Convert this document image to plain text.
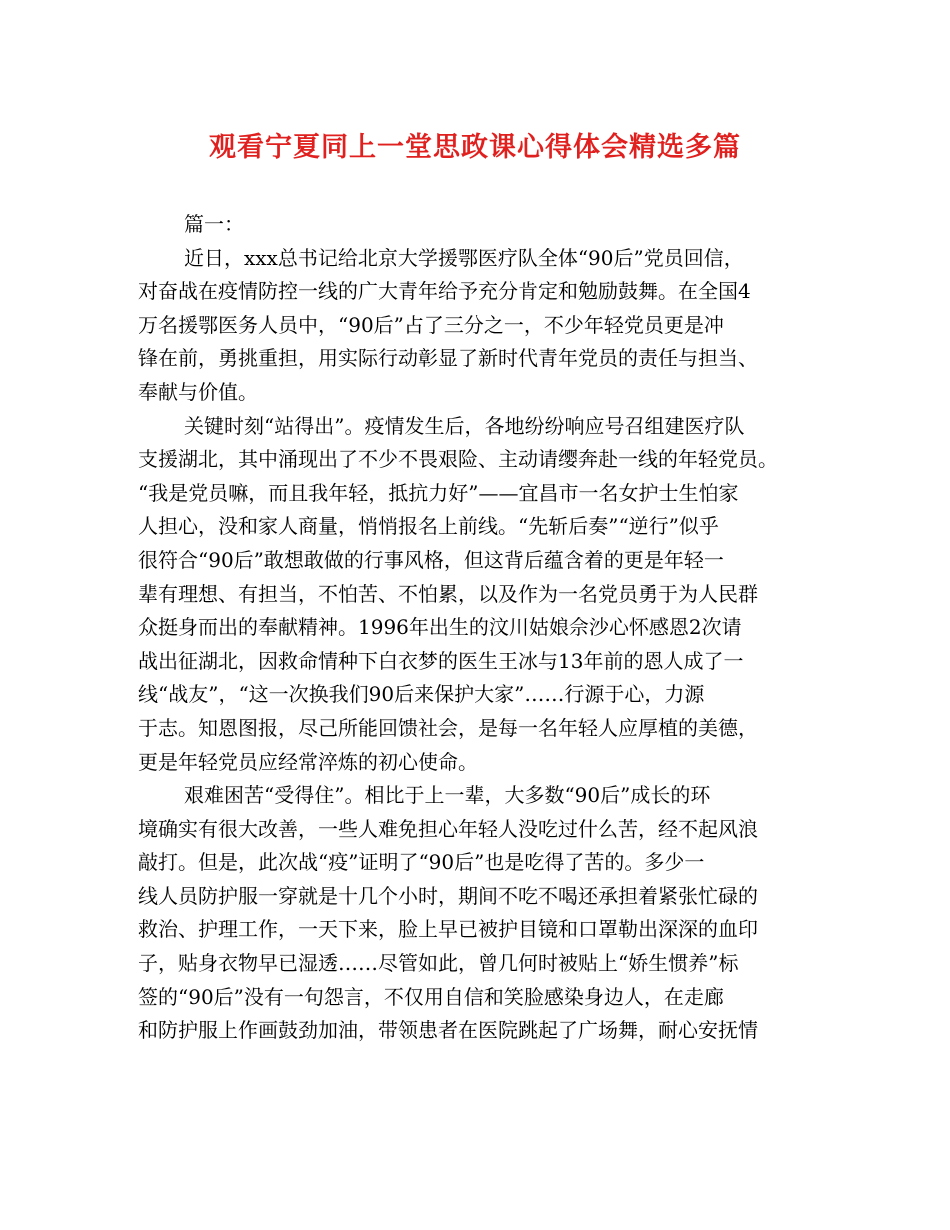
观看宁夏同上一堂思政课心得体会精选多篇
篇一：
近日，xxx总书记给北京大学援鄂医疗队全体“90后”党员回信，
对奋战在疫情防控一线的广大青年给予充分肯定和勉励鼓舞。在全国4
万名援鄂医务人员中，“90后”占了三分之一，不少年轻党员更是冲
锋在前，勇挑重担，用实际行动彰显了新时代青年党员的责任与担当、
奉献与价值。
关键时刻“站得出”。疫情发生后，各地纷纷响应号召组建医疗队
支援湖北，其中涌现出了不少不畏艰险、主动请缨奔赴一线的年轻党员。
“我是党员嘛，而且我年轻，抵抗力好”——宜昌市一名女护士生怕家
人担心，没和家人商量，悄悄报名上前线。“先斩后奏”“逆行”似乎
很符合“90后”敢想敢做的行事风格，但这背后蕴含着的更是年轻一
辈有理想、有担当，不怕苦、不怕累，以及作为一名党员勇于为人民群
众挺身而出的奉献精神。1996年出生的汶川姑娘佘沙心怀感恩2次请
战出征湖北，因救命情种下白衣梦的医生王冰与13年前的恩人成了一
线“战友”，“这一次换我们90后来保护大家”……行源于心，力源
于志。知恩图报，尽己所能回馈社会，是每一名年轻人应厚植的美德，
更是年轻党员应经常淬炼的初心使命。
艰难困苦“受得住”。相比于上一辈，大多数“90后”成长的环
境确实有很大改善，一些人难免担心年轻人没吃过什么苦，经不起风浪
敲打。但是，此次战“疫”证明了“90后”也是吃得了苦的。多少一
线人员防护服一穿就是十几个小时，期间不吃不喝还承担着紧张忙碌的
救治、护理工作，一天下来，脸上早已被护目镜和口罩勒出深深的血印
子，贴身衣物早已湿透……尽管如此，曾几何时被贴上“娇生惯养”标
签的“90后”没有一句怨言，不仅用自信和笑脸感染身边人，在走廊
和防护服上作画鼓劲加油，带领患者在医院跳起了广场舞，耐心安抚情
